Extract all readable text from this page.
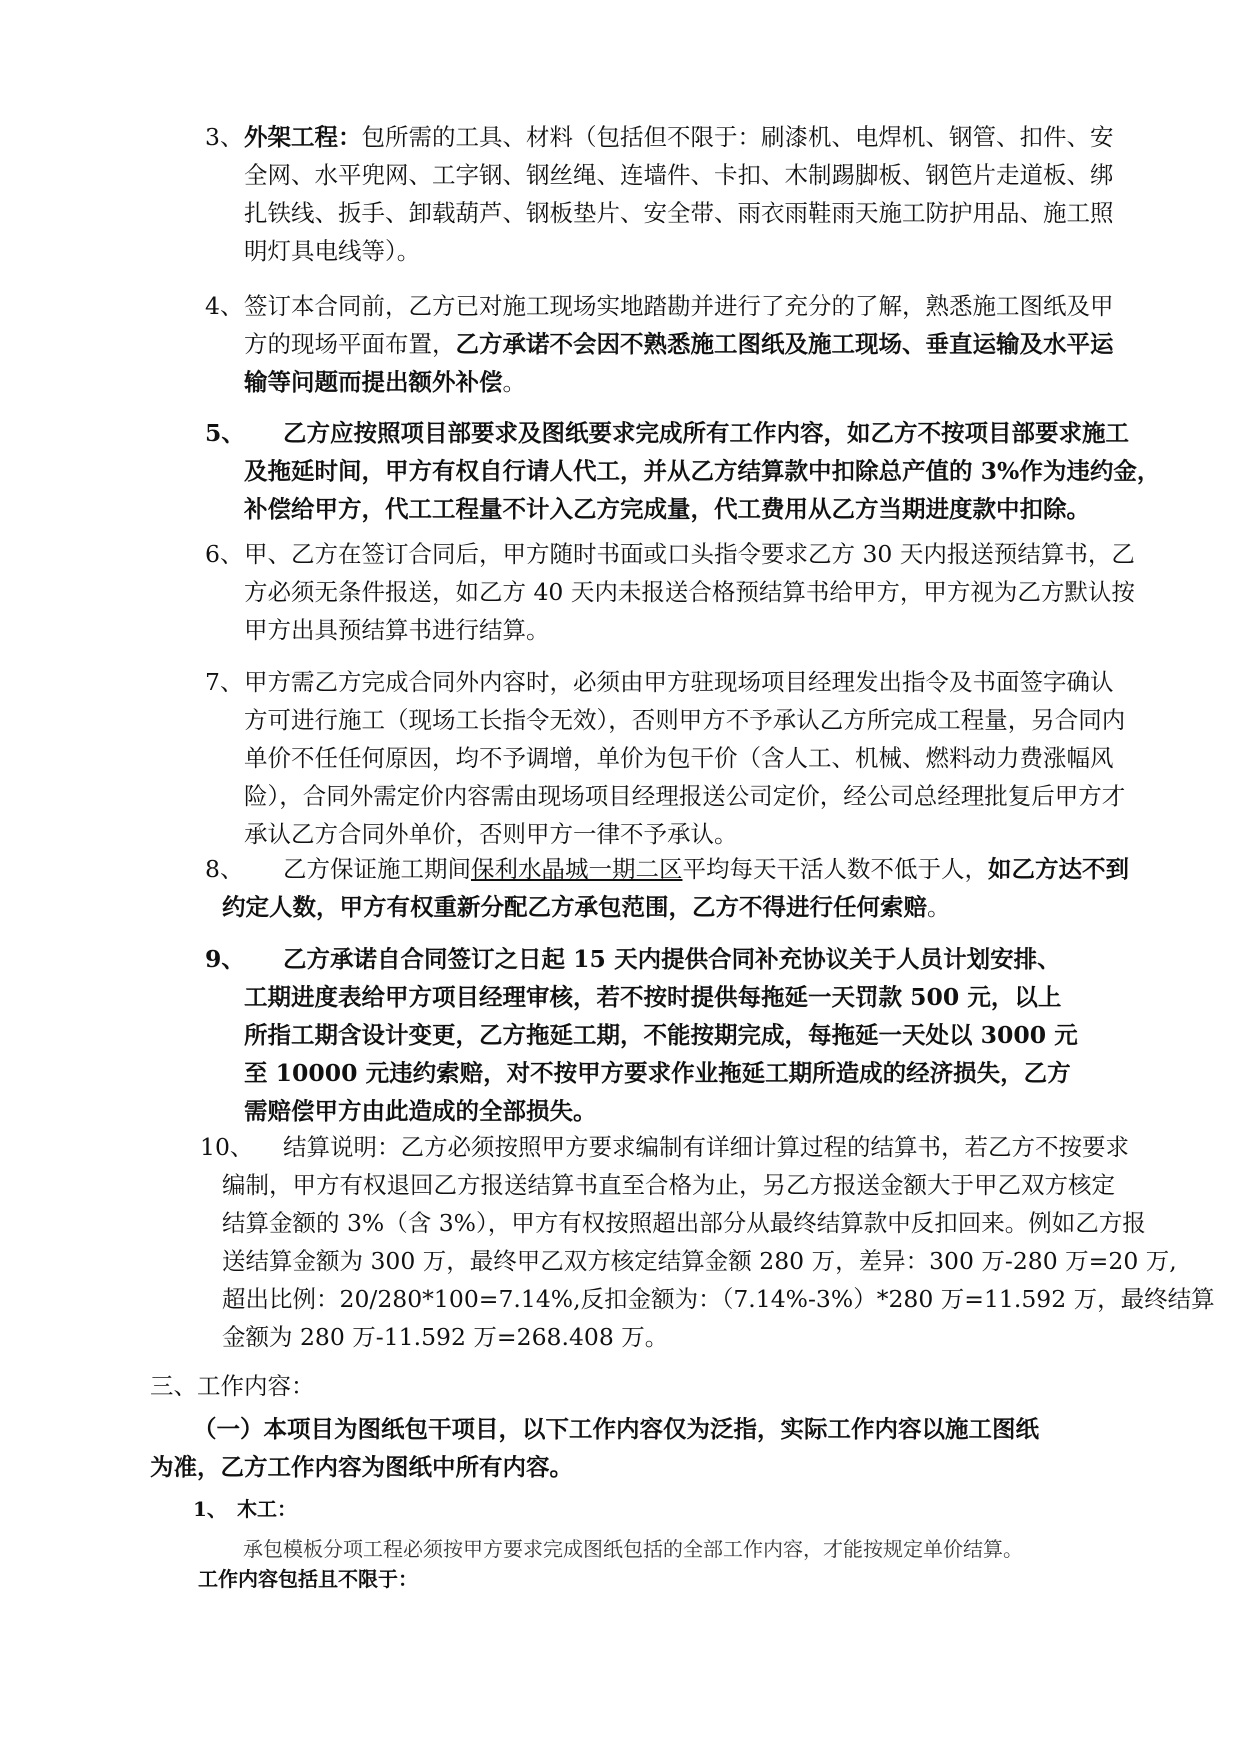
3、 外架工程：包所需的工具、材料（包括但不限于：刷漆机、电焊机、钢管、扣件、安
全网、水平兜网、工字钢、钢丝绳、连墙件、卡扣、木制踢脚板、钢笆片走道板、绑
扎铁线、扳手、卸载葫芦、钢板垫片、安全带、雨衣雨鞋雨天施工防护用品、施工照
明灯具电线等）。
4、 签订本合同前，乙方已对施工现场实地踏勘并进行了充分的了解，熟悉施工图纸及甲
方的现场平面布置，乙方承诺不会因不熟悉施工图纸及施工现场、垂直运输及水平运
输等问题而提出额外补偿。
5、	乙方应按照项目部要求及图纸要求完成所有工作内容，如乙方不按项目部要求施工
及拖延时间，甲方有权自行请人代工，并从乙方结算款中扣除总产值的 3%作为违约金，
补偿给甲方，代工工程量不计入乙方完成量，代工费用从乙方当期进度款中扣除。
6、 甲、乙方在签订合同后，甲方随时书面或口头指令要求乙方 30 天内报送预结算书，乙
方必须无条件报送，如乙方 40 天内未报送合格预结算书给甲方，甲方视为乙方默认按
甲方出具预结算书进行结算。
7、 甲方需乙方完成合同外内容时，必须由甲方驻现场项目经理发出指令及书面签字确认
方可进行施工（现场工长指令无效），否则甲方不予承认乙方所完成工程量，另合同内
单价不任任何原因，均不予调增，单价为包干价（含人工、机械、燃料动力费涨幅风
险），合同外需定价内容需由现场项目经理报送公司定价，经公司总经理批复后甲方才
承认乙方合同外单价，否则甲方一律不予承认。
8、	乙方保证施工期间保利水晶城一期二区平均每天干活人数不低于人，如乙方达不到
约定人数，甲方有权重新分配乙方承包范围，乙方不得进行任何索赔。
9、	乙方承诺自合同签订之日起 15 天内提供合同补充协议关于人员计划安排、
工期进度表给甲方项目经理审核，若不按时提供每拖延一天罚款 500 元，以上
所指工期含设计变更，乙方拖延工期，不能按期完成，每拖延一天处以 3000 元
至 10000 元违约索赔，对不按甲方要求作业拖延工期所造成的经济损失，乙方
需赔偿甲方由此造成的全部损失。
10、	结算说明：乙方必须按照甲方要求编制有详细计算过程的结算书，若乙方不按要求
编制，甲方有权退回乙方报送结算书直至合格为止，另乙方报送金额大于甲乙双方核定
结算金额的 3%（含 3%），甲方有权按照超出部分从最终结算款中反扣回来。例如乙方报
送结算金额为 300 万，最终甲乙双方核定结算金额 280 万，差异：300 万-280 万=20 万,
超出比例：20/280*100=7.14%,反扣金额为：（7.14%-3%）*280 万=11.592 万，最终结算
金额为 280 万-11.592 万=268.408 万。
三、工作内容：
（一）本项目为图纸包干项目，以下工作内容仅为泛指，实际工作内容以施工图纸
为准，乙方工作内容为图纸中所有内容。
1、 木工：
承包模板分项工程必须按甲方要求完成图纸包括的全部工作内容，才能按规定单价结算。
工作内容包括且不限于：
